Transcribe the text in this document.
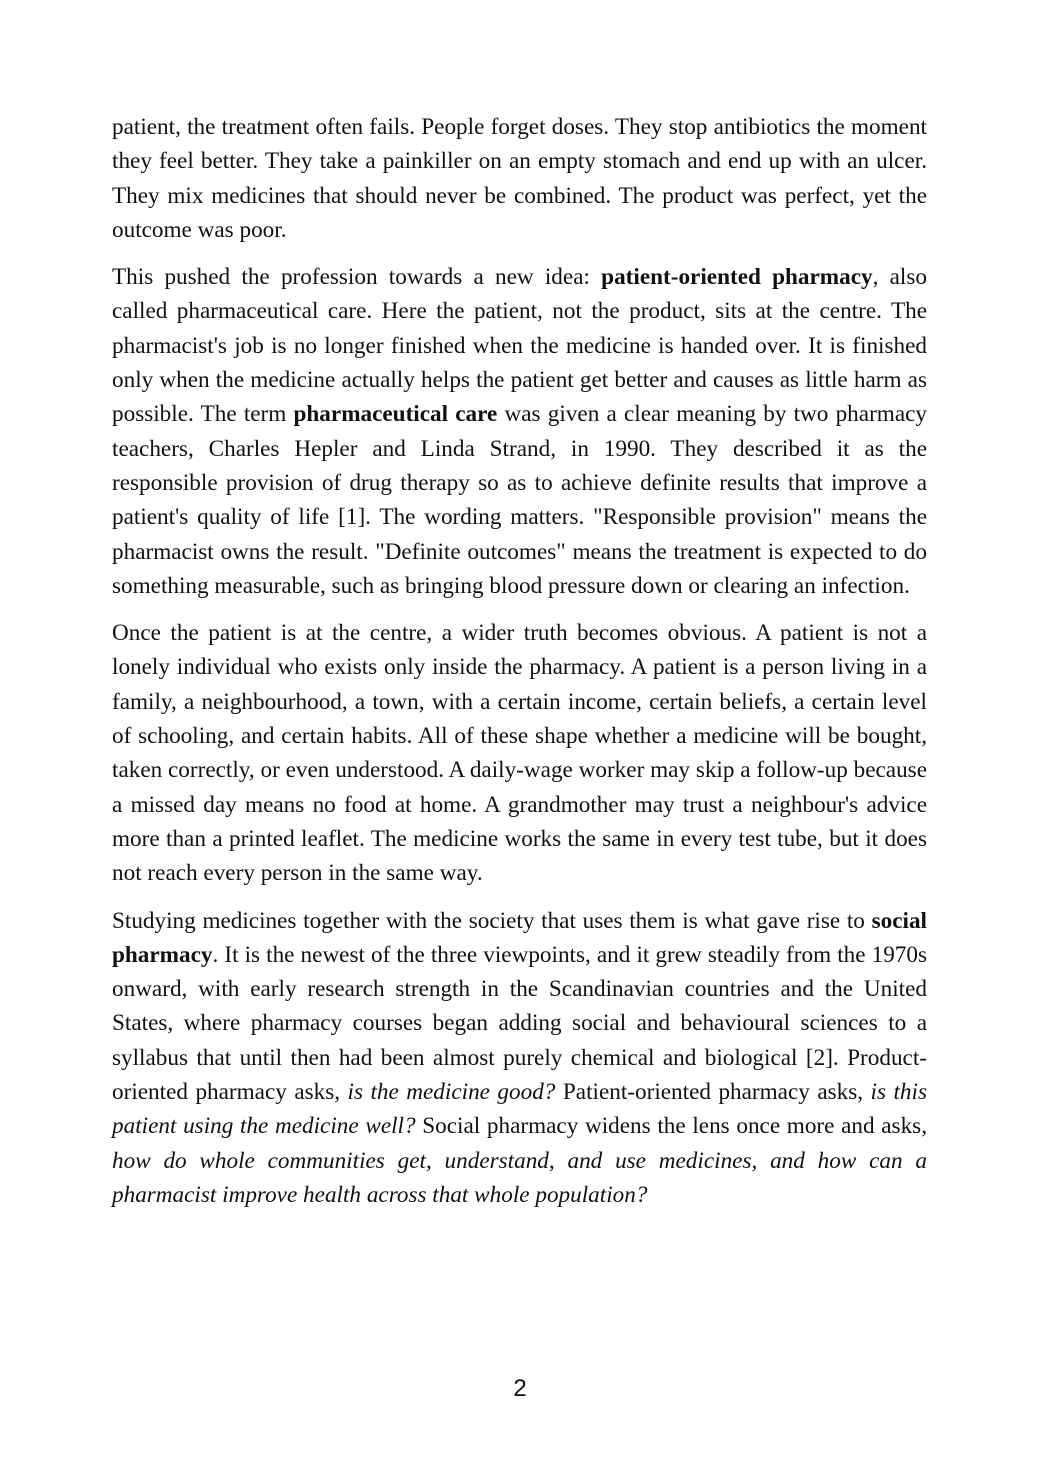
patient, the treatment often fails. People forget doses. They stop antibiotics the moment they feel better. They take a painkiller on an empty stomach and end up with an ulcer. They mix medicines that should never be combined. The product was perfect, yet the outcome was poor.

This pushed the profession towards a new idea: patient-oriented pharmacy, also called pharmaceutical care. Here the patient, not the product, sits at the centre. The pharmacist's job is no longer finished when the medicine is handed over. It is finished only when the medicine actually helps the patient get better and causes as little harm as possible. The term pharmaceutical care was given a clear meaning by two pharmacy teachers, Charles Hepler and Linda Strand, in 1990. They described it as the responsible provision of drug therapy so as to achieve definite results that improve a patient's quality of life [1]. The wording matters. "Responsible provision" means the pharmacist owns the result. "Definite outcomes" means the treatment is expected to do something measurable, such as bringing blood pressure down or clearing an infection.

Once the patient is at the centre, a wider truth becomes obvious. A patient is not a lonely individual who exists only inside the pharmacy. A patient is a person living in a family, a neighbourhood, a town, with a certain income, certain beliefs, a certain level of schooling, and certain habits. All of these shape whether a medicine will be bought, taken correctly, or even understood. A daily-wage worker may skip a follow-up because a missed day means no food at home. A grandmother may trust a neighbour's advice more than a printed leaflet. The medicine works the same in every test tube, but it does not reach every person in the same way.

Studying medicines together with the society that uses them is what gave rise to social pharmacy. It is the newest of the three viewpoints, and it grew steadily from the 1970s onward, with early research strength in the Scandinavian countries and the United States, where pharmacy courses began adding social and behavioural sciences to a syllabus that until then had been almost purely chemical and biological [2]. Product-oriented pharmacy asks, is the medicine good? Patient-oriented pharmacy asks, is this patient using the medicine well? Social pharmacy widens the lens once more and asks, how do whole communities get, understand, and use medicines, and how can a pharmacist improve health across that whole population?

2
